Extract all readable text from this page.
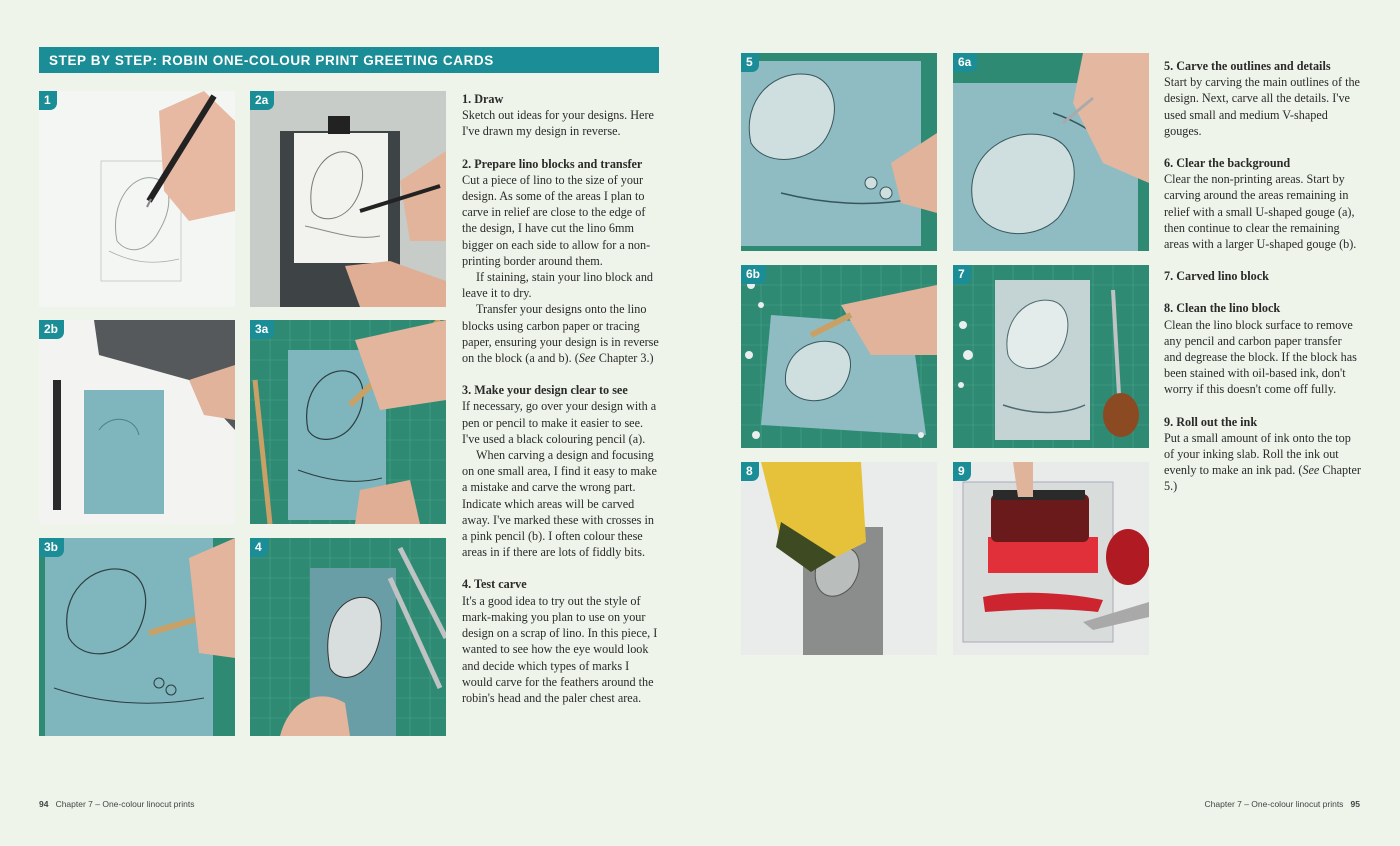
STEP BY STEP: ROBIN ONE-COLOUR PRINT GREETING CARDS
1	2a
2b	3a
3b	4
1. Draw

Sketch out ideas for your designs. Here I've drawn my design in reverse.

2. Prepare lino blocks and transfer

Cut a piece of lino to the size of your design. As some of the areas I plan to carve in relief are close to the edge of the design, I have cut the lino 6mm bigger on each side to allow for a non-printing border around them.

If staining, stain your lino block and leave it to dry.

Transfer your designs onto the lino blocks using carbon paper or tracing paper, ensuring your design is in reverse on the block (a and b). (See Chapter 3.)

3. Make your design clear to see

If necessary, go over your design with a pen or pencil to make it easier to see. I've used a black colouring pencil (a).

When carving a design and focusing on one small area, I find it easy to make a mistake and carve the wrong part. Indicate which areas will be carved away. I've marked these with crosses in a pink pencil (b). I often colour these areas in if there are lots of fiddly bits.

4. Test carve

It's a good idea to try out the style of mark-making you plan to use on your design on a scrap of lino. In this piece, I wanted to see how the eye would look and decide which types of marks I would carve for the feathers around the robin's head and the paler chest area.

5	6a
6b	7
8	9
5. Carve the outlines and details

Start by carving the main outlines of the design. Next, carve all the details. I've used small and medium V-shaped gouges.

6. Clear the background

Clear the non-printing areas. Start by carving around the areas remaining in relief with a small U-shaped gouge (a), then continue to clear the remaining areas with a larger U-shaped gouge (b).

7. Carved lino block
8. Clean the lino block

Clean the lino block surface to remove any pencil and carbon paper transfer and degrease the block. If the block has been stained with oil-based ink, don't worry if this doesn't come off fully.

9. Roll out the ink

Put a small amount of ink onto the top of your inking slab. Roll the ink out evenly to make an ink pad. (See Chapter 5.)

94 Chapter 7 – One-colour linocut prints	Chapter 7 – One-colour linocut prints 95
